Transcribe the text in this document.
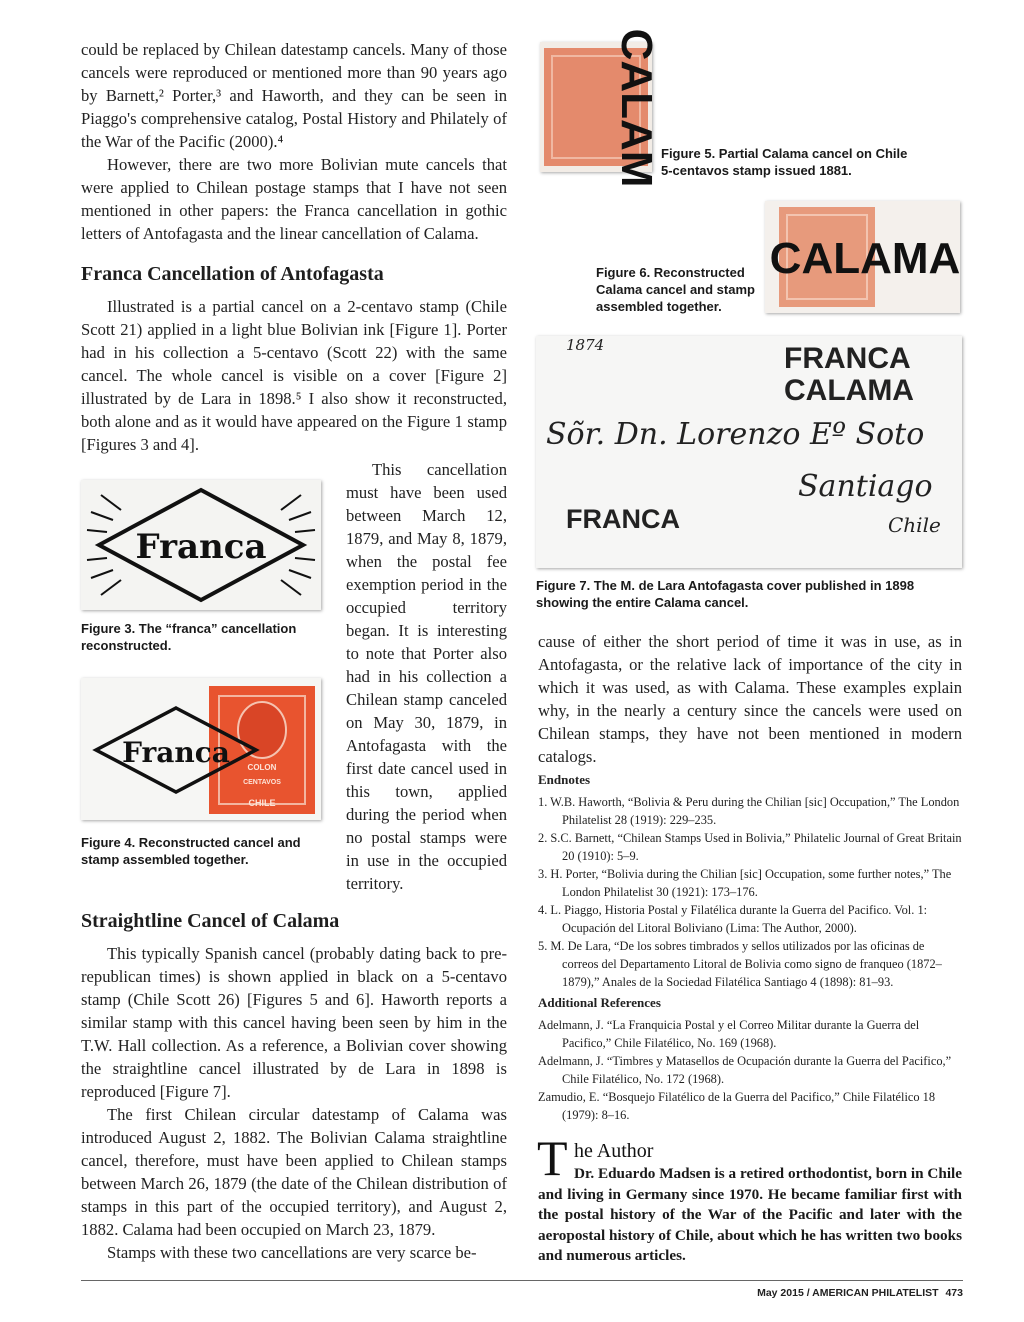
could be replaced by Chilean datestamp cancels. Many of those cancels were reproduced or mentioned more than 90 years ago by Barnett,² Porter,³ and Haworth, and they can be seen in Piaggo's comprehensive catalog, Postal History and Philately of the War of the Pacific (2000).⁴

However, there are two more Bolivian mute cancels that were applied to Chilean postage stamps that I have not seen mentioned in other papers: the Franca cancellation in gothic letters of Antofagasta and the linear cancellation of Calama.

Franca Cancellation of Antofagasta

Illustrated is a partial cancel on a 2-centavo stamp (Chile Scott 21) applied in a light blue Bolivian ink [Figure 1]. Porter had in his collection a 5-centavo (Scott 22) with the same cancel. The whole cancel is visible on a cover [Figure 2] illustrated by de Lara in 1898.⁵ I also show it reconstructed, both alone and as it would have appeared on the Figure 1 stamp [Figures 3 and 4].

This cancellation must have been used between March 12, 1879, and May 8, 1879, when the postal fee exemption period in the occupied territory began. It is interesting to note that Porter also had in his collection a Chilean stamp canceled on May 30, 1879, in Antofagasta with the first date cancel used in this town, applied during the period when no postal stamps were in use in the occupied territory.

Franca
Figure 3. The “franca” cancellation reconstructed.
COLON
CENTAVOS
CHILE
Franca
Figure 4. Reconstructed cancel and stamp assembled together.
Straightline Cancel of Calama

This typically Spanish cancel (probably dating back to pre-republican times) is shown applied in black on a 5-centavo stamp (Chile Scott 26) [Figures 5 and 6]. Haworth reports a similar stamp with this cancel having been seen by him in the T.W. Hall collection. As a reference, a Bolivian cover showing the straightline cancel illustrated by de Lara in 1898 is reproduced [Figure 7].

The first Chilean circular datestamp of Calama was introduced August 2, 1882. The Bolivian Calama straightline cancel, therefore, must have been applied to Chilean stamps between March 26, 1879 (the date of the Chilean distribution of stamps in this part of the occupied territory), and August 2, 1882. Calama had been occupied on March 23, 1879.

Stamps with these two cancellations are very scarce be-

CALAM Figure 5. Partial Calama cancel on Chile 5-centavos stamp issued 1881.
CALAMA
Figure 6. Reconstructed Calama cancel and stamp assembled together.
1874	FRANCA
CALAMA
Sõr. Dn. Lorenzo Eº Soto
Santiago
Chile
FRANCA
Figure 7. The M. de Lara Antofagasta cover published in 1898 showing the entire Calama cancel.

cause of either the short period of time it was in use, as in Antofagasta, or the relative lack of importance of the city in which it was used, as with Calama. These examples explain why, in the nearly a century since the cancels were used on Chilean stamps, they have not been mentioned in modern catalogs.

Endnotes

1. W.B. Haworth, “Bolivia & Peru during the Chilian [sic] Occupation,” The London Philatelist 28 (1919): 229–235.

2. S.C. Barnett, “Chilean Stamps Used in Bolivia,” Philatelic Journal of Great Britain 20 (1910): 5–9.

3. H. Porter, “Bolivia during the Chilian [sic] Occupation, some further notes,” The London Philatelist 30 (1921): 173–176.

4. L. Piaggo, Historia Postal y Filatélica durante la Guerra del Pacifico. Vol. 1: Ocupación del Litoral Boliviano (Lima: The Author, 2000).

5. M. De Lara, “De los sobres timbrados y sellos utilizados por las oficinas de correos del Departamento Litoral de Bolivia como signo de franqueo (1872–1879),” Anales de la Sociedad Filatélica Santiago 4 (1898): 81–93.

Additional References

Adelmann, J. “La Franquicia Postal y el Correo Militar durante la Guerra del Pacifico,” Chile Filatélico, No. 169 (1968).

Adelmann, J. “Timbres y Matasellos de Ocupación durante la Guerra del Pacifico,” Chile Filatélico, No. 172 (1968).

Zamudio, E. “Bosquejo Filatélico de la Guerra del Pacifico,” Chile Filatélico 18 (1979): 8–16.

T he Author
Dr. Eduardo Madsen is a retired orthodontist, born in Chile and living in Germany since 1970. He became familiar first with the postal history of the War of the Pacific and later with the aeropostal history of Chile, about which he has written two books and numerous articles.
May 2015 / AMERICAN PHILATELIST 473
